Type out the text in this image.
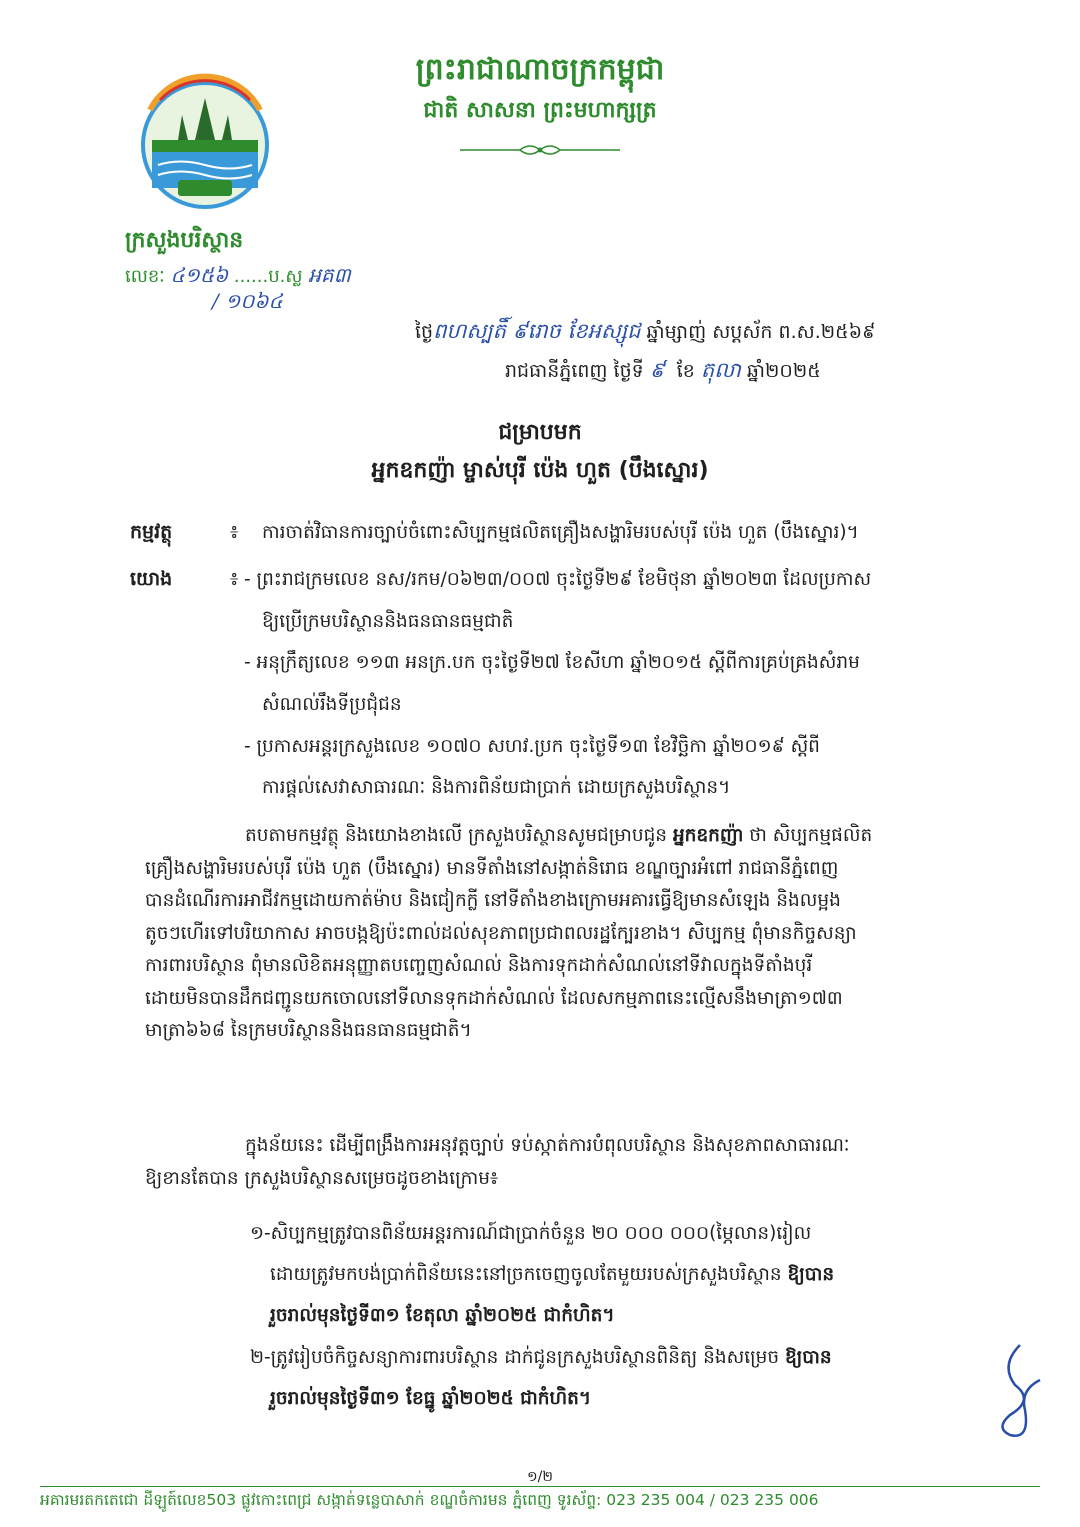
ព្រះរាជាណាចក្រកម្ពុជា
ជាតិ សាសនា ព្រះមហាក្សត្រ
ក្រសួងបរិស្ថាន
លេខៈ ៤១៥៦ ......ប.ស្ល អគ៣
/ ១០៦៤
ថ្ងៃពហស្បតិ៍ ៩រោច ខែអស្សុជ ឆ្នាំម្សាញ់ សប្តស័ក ព.ស.២៥៦៩
រាជធានីភ្នំពេញ ថ្ងៃទី ៩ ខែ តុលា ឆ្នាំ២០២៥
ជម្រាបមក
អ្នកឧកញ៉ា ម្ចាស់បុរី ប៉េង ហួត (បឹងស្នោរ)
កម្មវត្ថុ	៖ ការចាត់វិធានការច្បាប់ចំពោះសិប្បកម្មផលិតគ្រឿងសង្ហារិមរបស់បុរី ប៉េង ហួត (បឹងស្នោរ)។
យោង	៖ - ព្រះរាជក្រមលេខ នស/រកម/០៦២៣/០០៧ ចុះថ្ងៃទី២៩ ខែមិថុនា ឆ្នាំ២០២៣ ដែលប្រកាស
ឱ្យប្រើក្រមបរិស្ថាននិងធនធានធម្មជាតិ
- អនុក្រឹត្យលេខ ១១៣ អនក្រ.បក ចុះថ្ងៃទី២៧ ខែសីហា ឆ្នាំ២០១៥ ស្តីពីការគ្រប់គ្រងសំរាម
សំណល់រឹងទីប្រជុំជន
- ប្រកាសអន្តរក្រសួងលេខ ១០៧០ សហវ.ប្រក ចុះថ្ងៃទី១៣ ខែវិច្ឆិកា ឆ្នាំ២០១៩ ស្តីពី
ការផ្តល់សេវាសាធារណៈ និងការពិន័យជាប្រាក់ ដោយក្រសួងបរិស្ថាន។

តបតាមកម្មវត្ថុ និងយោងខាងលើ ក្រសួងបរិស្ថានសូមជម្រាបជូន អ្នកឧកញ៉ា ថា សិប្បកម្មផលិត

គ្រឿងសង្ហារិមរបស់បុរី ប៉េង ហួត (បឹងស្នោរ) មានទីតាំងនៅសង្កាត់និរោធ ខណ្ឌច្បារអំពៅ រាជធានីភ្នំពេញ

បានដំណើរការអាជីវកម្មដោយកាត់ម៉ាប និងជៀកក្លី នៅទីតាំងខាងក្រោមអគារធ្វើឱ្យមានសំឡេង និងលម្អង

តូចៗហើរទៅបរិយាកាស អាចបង្កឱ្យប៉ះពាល់ដល់សុខភាពប្រជាពលរដ្ឋក្បែរខាង។ សិប្បកម្ម ពុំមានកិច្ចសន្យា

ការពារបរិស្ថាន ពុំមានលិខិតអនុញ្ញាតបញ្ចេញសំណល់ និងការទុកដាក់សំណល់នៅទីវាលក្នុងទីតាំងបុរី

ដោយមិនបានដឹកជញ្ជូនយកចោលនៅទីលានទុកដាក់សំណល់ ដែលសកម្មភាពនេះល្មើសនឹងមាត្រា១៧៣

មាត្រា៦៦៨ នៃក្រមបរិស្ថាននិងធនធានធម្មជាតិ។

ក្នុងន័យនេះ ដើម្បីពង្រឹងការអនុវត្តច្បាប់ ទប់ស្កាត់ការបំពុលបរិស្ថាន និងសុខភាពសាធារណៈ

ឱ្យខានតែបាន ក្រសួងបរិស្ថានសម្រេចដូចខាងក្រោម៖

១-សិប្បកម្មត្រូវបានពិន័យអន្តរការណ៍ជាប្រាក់ចំនួន ២០ ០០០ ០០០(ម្ភៃលាន)រៀល
ដោយត្រូវមកបង់ប្រាក់ពិន័យនេះនៅច្រកចេញចូលតែមួយរបស់ក្រសួងបរិស្ថាន ឱ្យបាន
រួចរាល់មុនថ្ងៃទី៣១ ខែតុលា ឆ្នាំ២០២៥ ជាកំហិត។
២-ត្រូវរៀបចំកិច្ចសន្យាការពារបរិស្ថាន ដាក់ជូនក្រសួងបរិស្ថានពិនិត្យ និងសម្រេច ឱ្យបាន
រួចរាល់មុនថ្ងៃទី៣១ ខែធ្នូ ឆ្នាំ២០២៥ ជាកំហិត។
១/២
អគារមរតកតេជោ ដីឡូត៍លេខ503 ផ្លូវកោះពេជ្រ សង្កាត់ទន្លេបាសាក់ ខណ្ឌចំការមន ភ្នំពេញ ទូរស័ព្ទ: 023 235 004 / 023 235 006
